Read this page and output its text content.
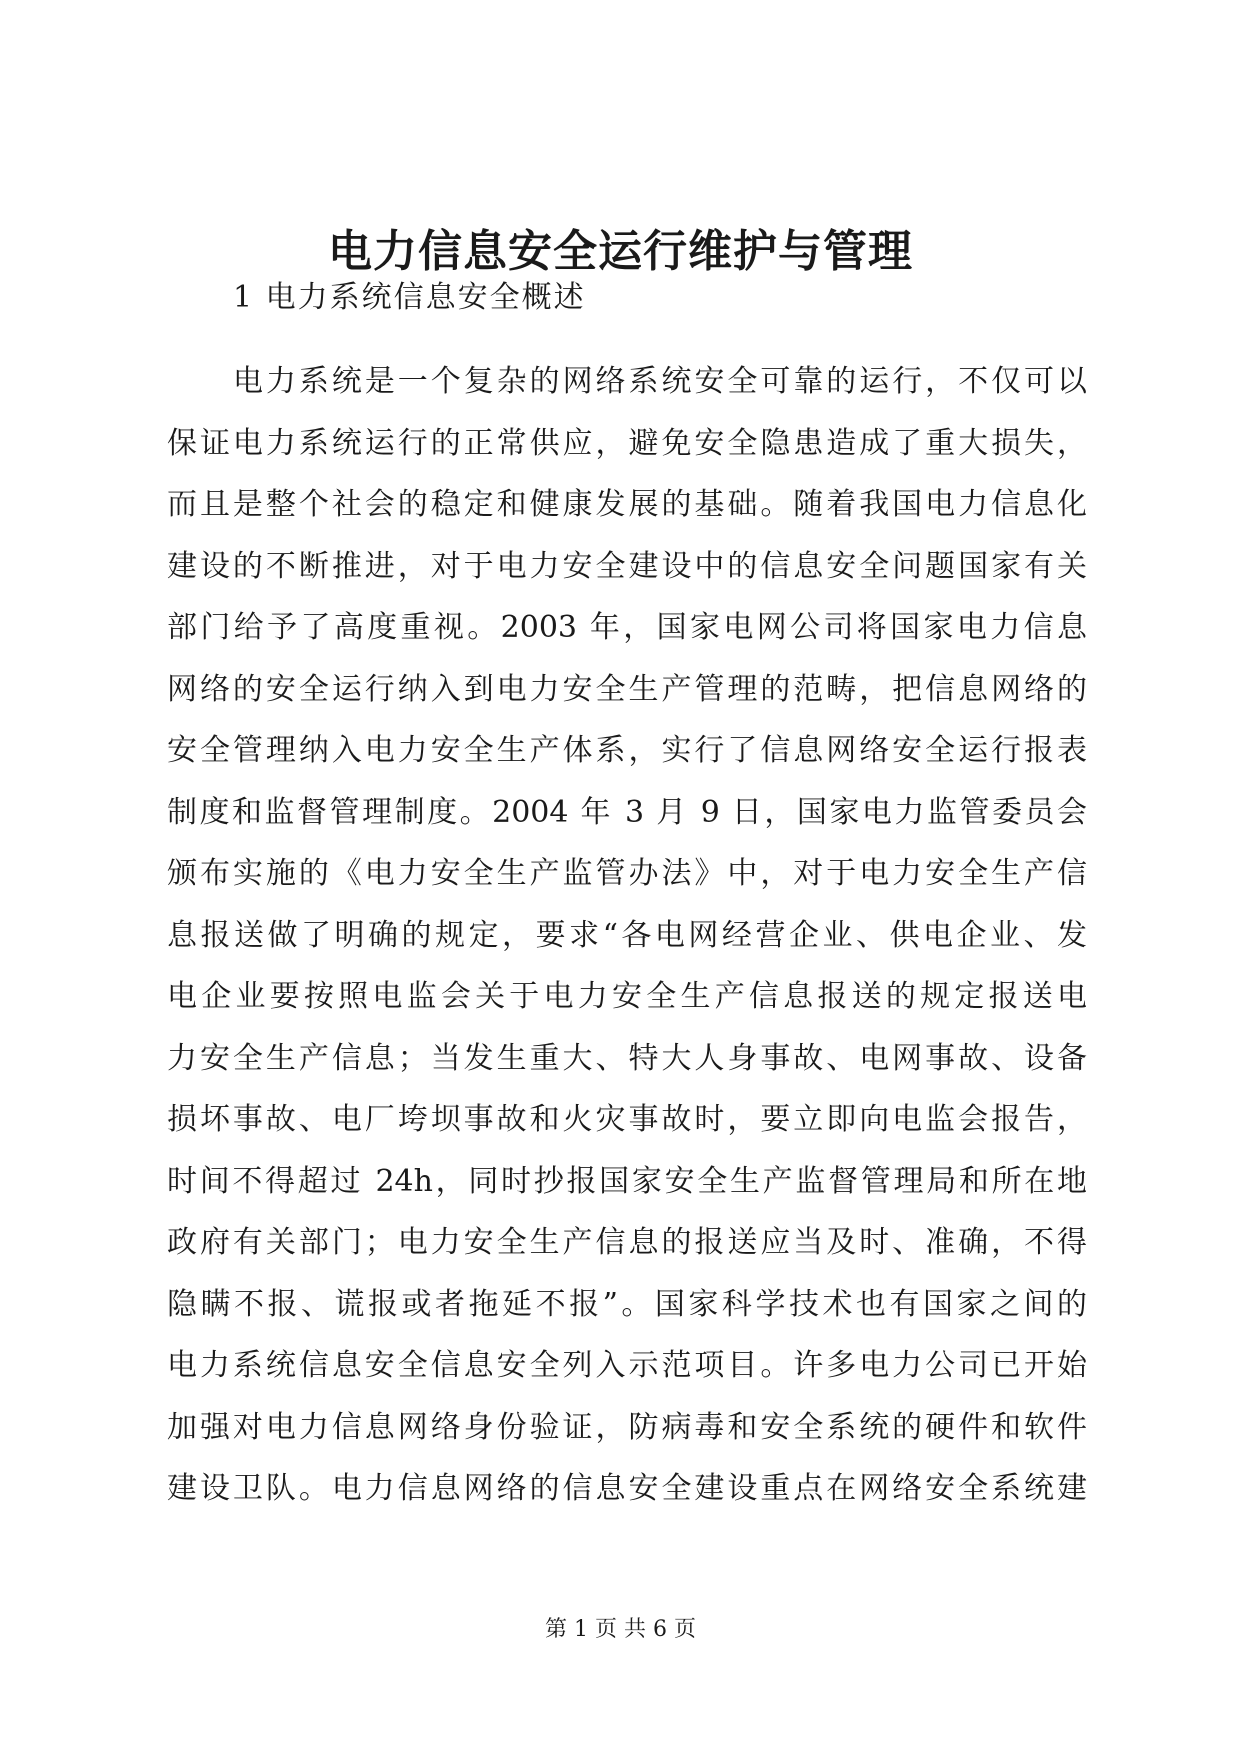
电力信息安全运行维护与管理

1 电力系统信息安全概述

电力系统是一个复杂的网络系统安全可靠的运行，不仅可以
保证电力系统运行的正常供应，避免安全隐患造成了重大损失，
而且是整个社会的稳定和健康发展的基础。随着我国电力信息化
建设的不断推进，对于电力安全建设中的信息安全问题国家有关
部门给予了高度重视。2003 年，国家电网公司将国家电力信息
网络的安全运行纳入到电力安全生产管理的范畴，把信息网络的
安全管理纳入电力安全生产体系，实行了信息网络安全运行报表
制度和监督管理制度。2004 年 3 月 9 日，国家电力监管委员会
颁布实施的《电力安全生产监管办法》中，对于电力安全生产信
息报送做了明确的规定，要求“各电网经营企业、供电企业、发
电企业要按照电监会关于电力安全生产信息报送的规定报送电
力安全生产信息；当发生重大、特大人身事故、电网事故、设备
损坏事故、电厂垮坝事故和火灾事故时，要立即向电监会报告，
时间不得超过 24h，同时抄报国家安全生产监督管理局和所在地
政府有关部门；电力安全生产信息的报送应当及时、准确，不得
隐瞒不报、谎报或者拖延不报”。国家科学技术也有国家之间的
电力系统信息安全信息安全列入示范项目。许多电力公司已开始
加强对电力信息网络身份验证，防病毒和安全系统的硬件和软件
建设卫队。电力信息网络的信息安全建设重点在网络安全系统建

第 1 页 共 6 页
